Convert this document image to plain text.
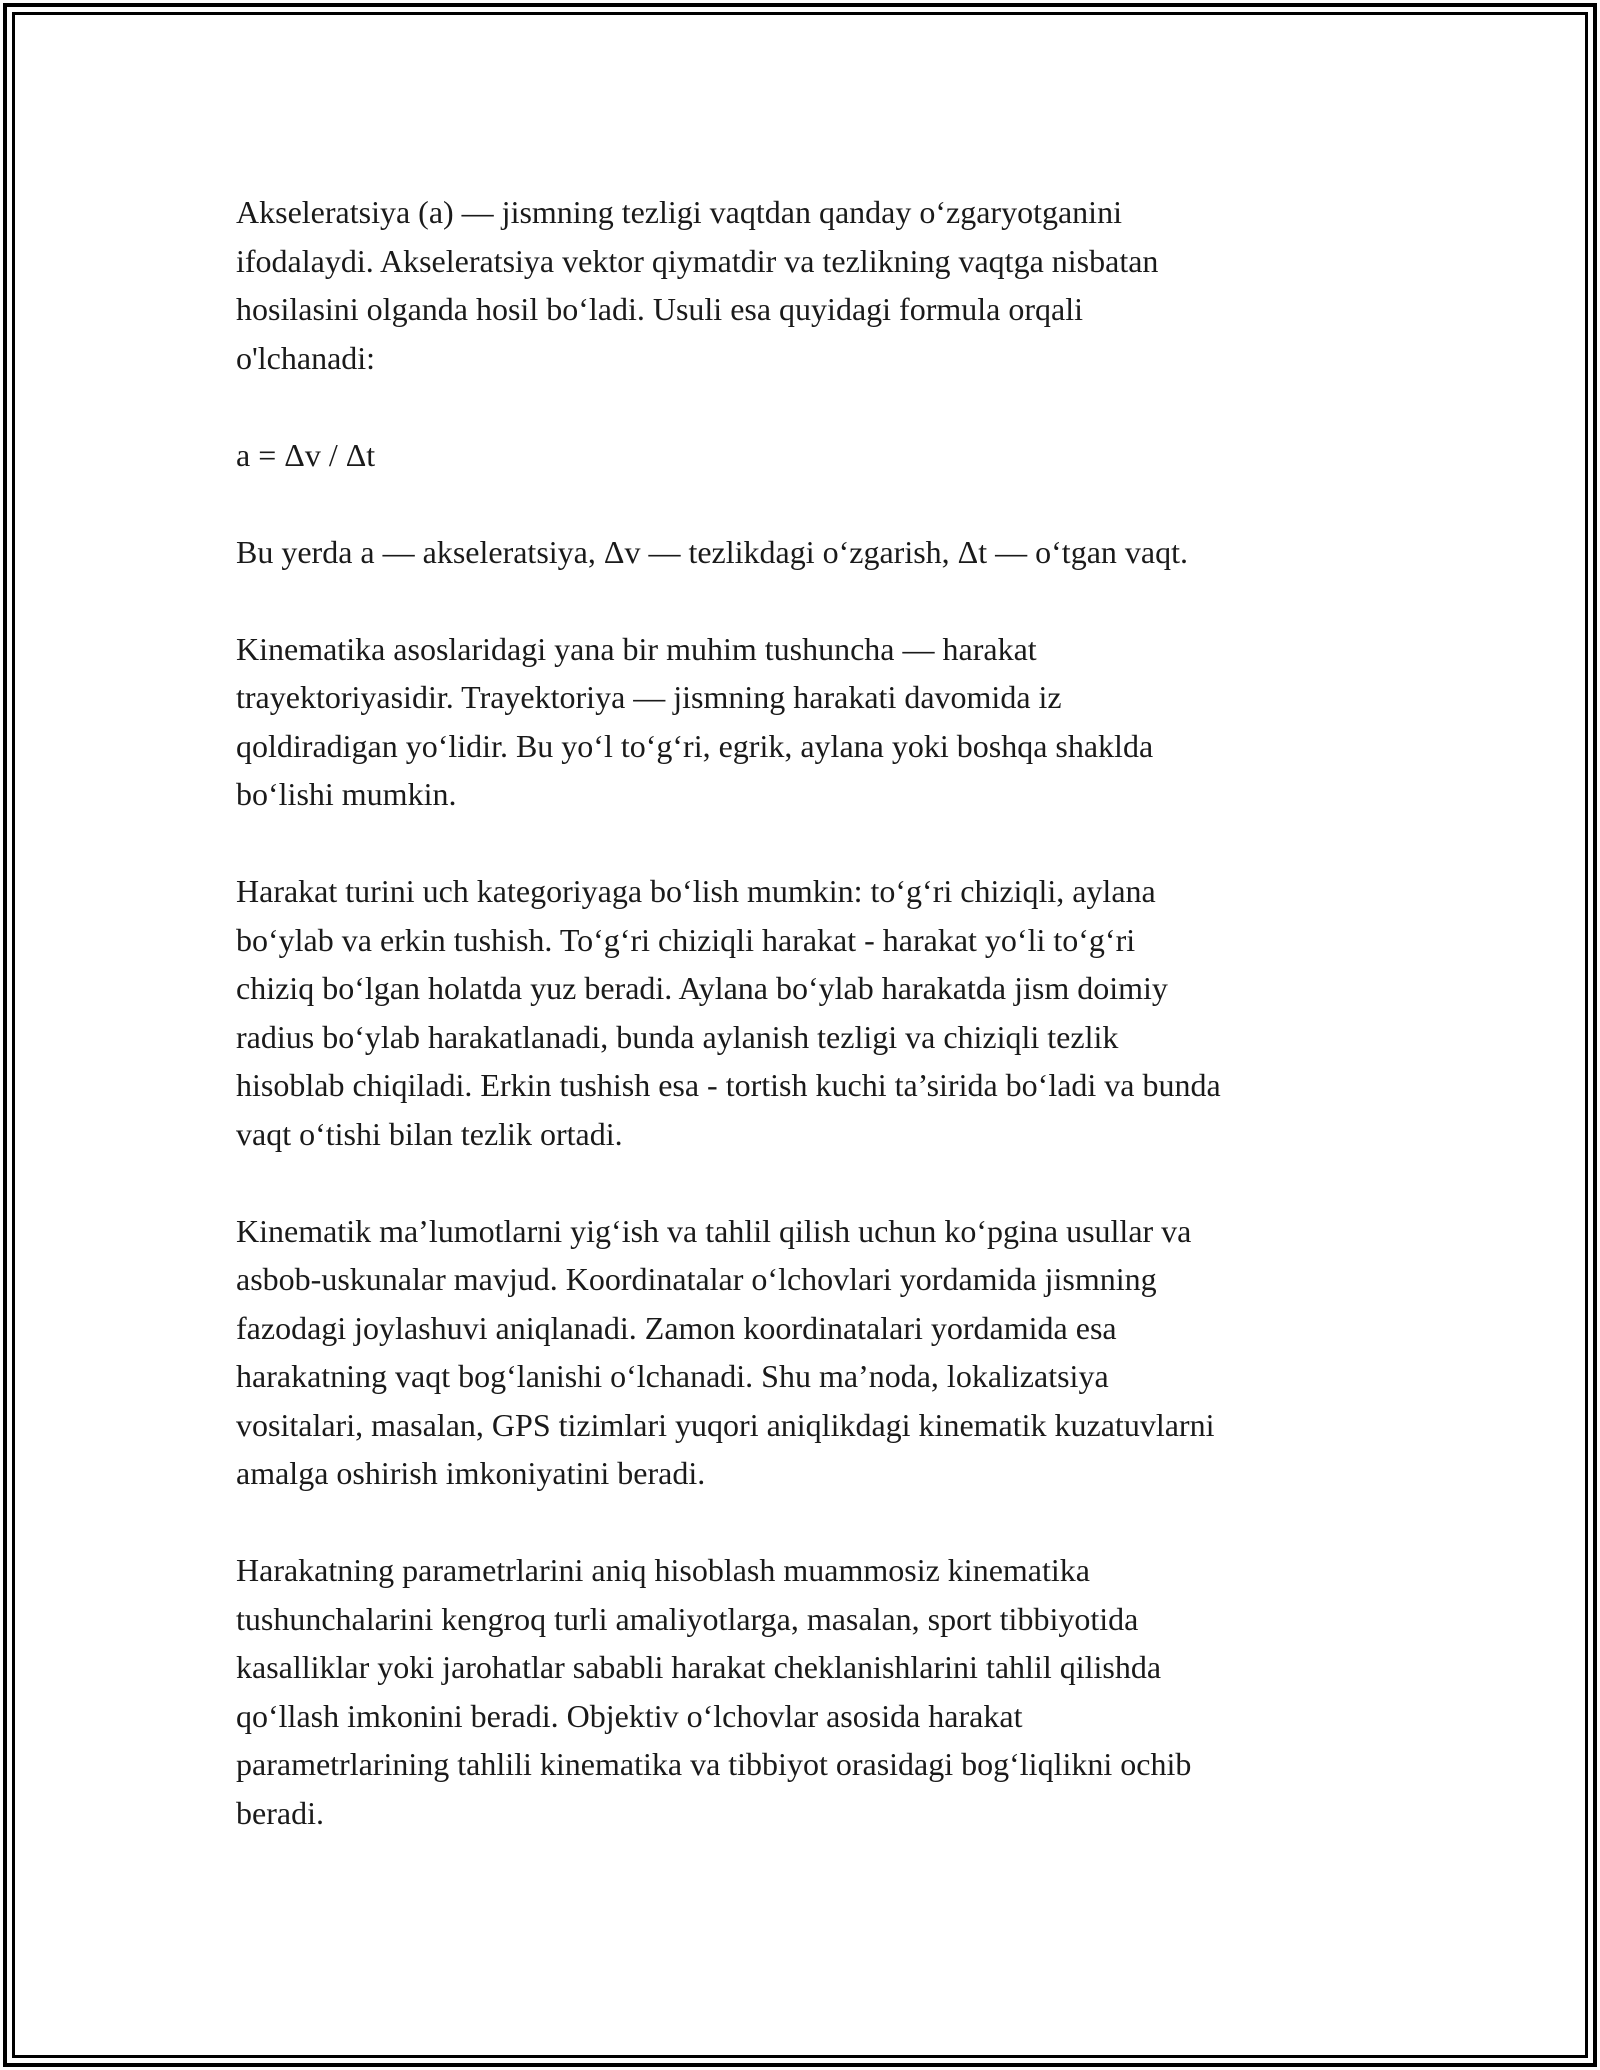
Akseleratsiya (a) — jismning tezligi vaqtdan qanday o‘zgaryotganini
ifodalaydi. Akseleratsiya vektor qiymatdir va tezlikning vaqtga nisbatan
hosilasini olganda hosil bo‘ladi. Usuli esa quyidagi formula orqali
o'lchanadi:

a = Δv / Δt

Bu yerda a — akseleratsiya, Δv — tezlikdagi o‘zgarish, Δt — o‘tgan vaqt.

Kinematika asoslaridagi yana bir muhim tushuncha — harakat
trayektoriyasidir. Trayektoriya — jismning harakati davomida iz
qoldiradigan yo‘lidir. Bu yo‘l to‘g‘ri, egrik, aylana yoki boshqa shaklda
bo‘lishi mumkin.

Harakat turini uch kategoriyaga bo‘lish mumkin: to‘g‘ri chiziqli, aylana
bo‘ylab va erkin tushish. To‘g‘ri chiziqli harakat - harakat yo‘li to‘g‘ri
chiziq bo‘lgan holatda yuz beradi. Aylana bo‘ylab harakatda jism doimiy
radius bo‘ylab harakatlanadi, bunda aylanish tezligi va chiziqli tezlik
hisoblab chiqiladi. Erkin tushish esa - tortish kuchi ta’sirida bo‘ladi va bunda
vaqt o‘tishi bilan tezlik ortadi.

Kinematik ma’lumotlarni yig‘ish va tahlil qilish uchun ko‘pgina usullar va
asbob-uskunalar mavjud. Koordinatalar o‘lchovlari yordamida jismning
fazodagi joylashuvi aniqlanadi. Zamon koordinatalari yordamida esa
harakatning vaqt bog‘lanishi o‘lchanadi. Shu ma’noda, lokalizatsiya
vositalari, masalan, GPS tizimlari yuqori aniqlikdagi kinematik kuzatuvlarni
amalga oshirish imkoniyatini beradi.

Harakatning parametrlarini aniq hisoblash muammosiz kinematika
tushunchalarini kengroq turli amaliyotlarga, masalan, sport tibbiyotida
kasalliklar yoki jarohatlar sababli harakat cheklanishlarini tahlil qilishda
qo‘llash imkonini beradi. Objektiv o‘lchovlar asosida harakat
parametrlarining tahlili kinematika va tibbiyot orasidagi bog‘liqlikni ochib
beradi.
